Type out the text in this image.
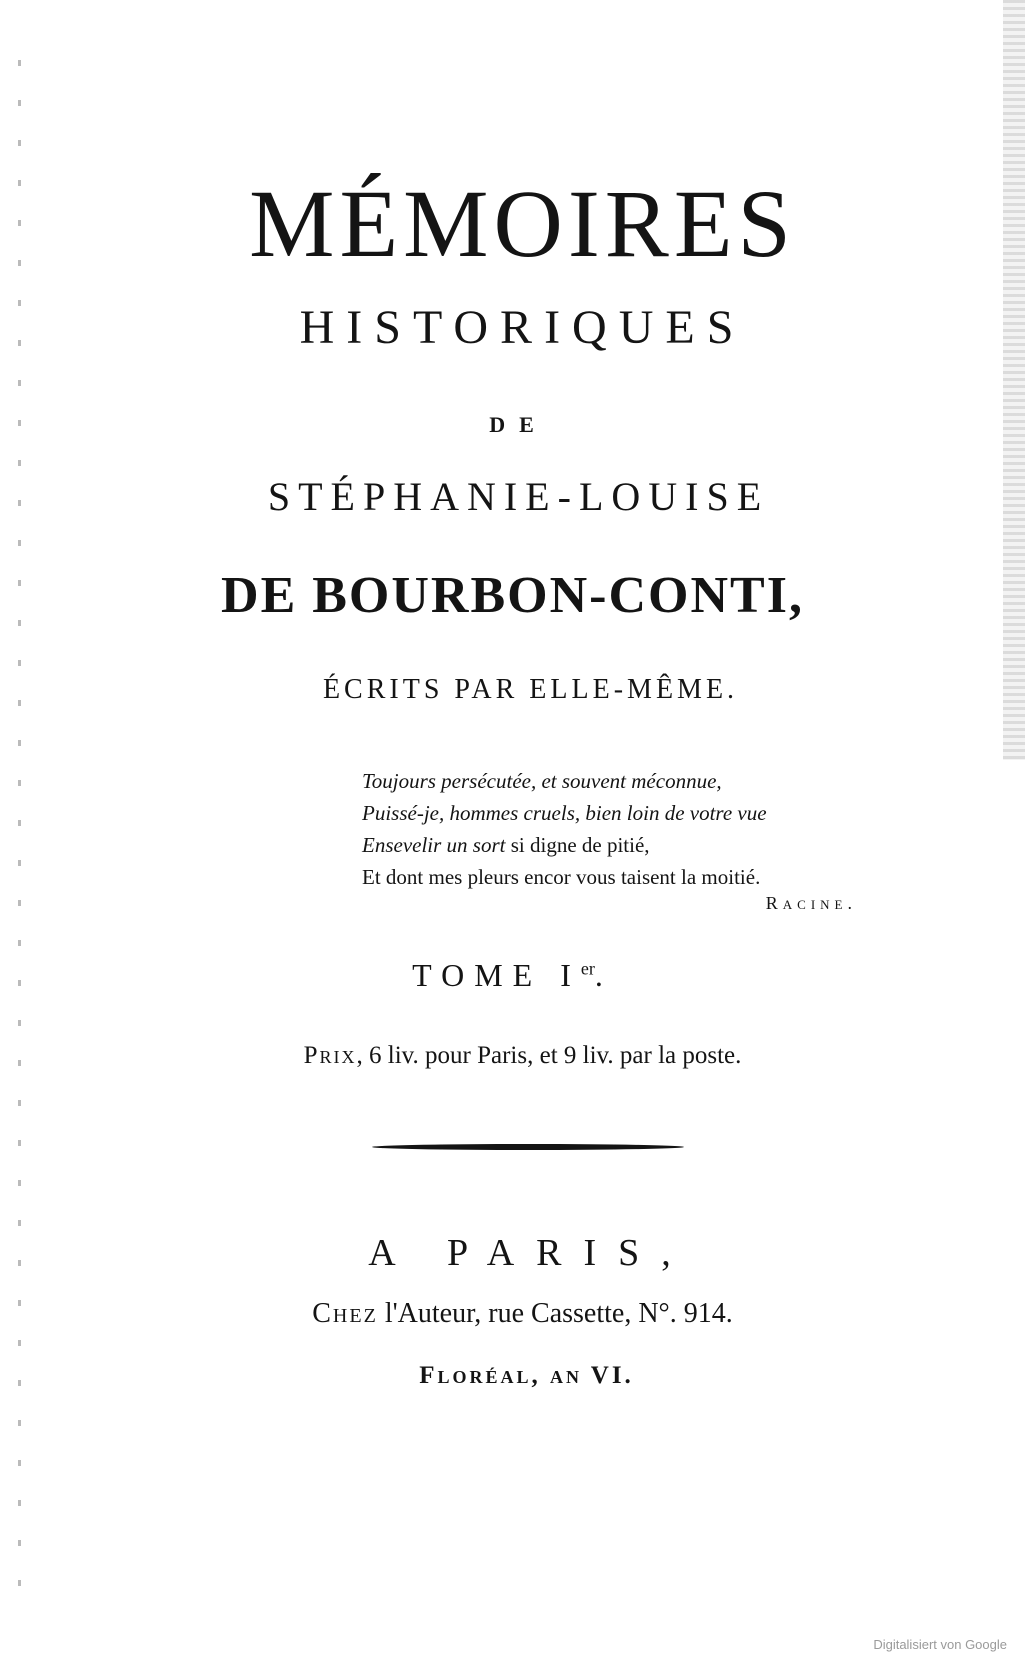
MÉMOIRES
HISTORIQUES
DE
STÉPHANIE-LOUISE
DE BOURBON-CONTI,
ÉCRITS PAR ELLE-MÊME.
Toujours persécutée, et souvent méconnue,
Puissé-je, hommes cruels, bien loin de votre vue
Ensevelir un sort si digne de pitié,
Et dont mes pleurs encor vous taisent la moitié.
Racine.
TOME Ier.
Prix, 6 liv. pour Paris, et 9 liv. par la poste.
A PARIS,
Chez l'Auteur, rue Cassette, N°. 914.
Floréal, an VI.
Digitalisiert von Google
